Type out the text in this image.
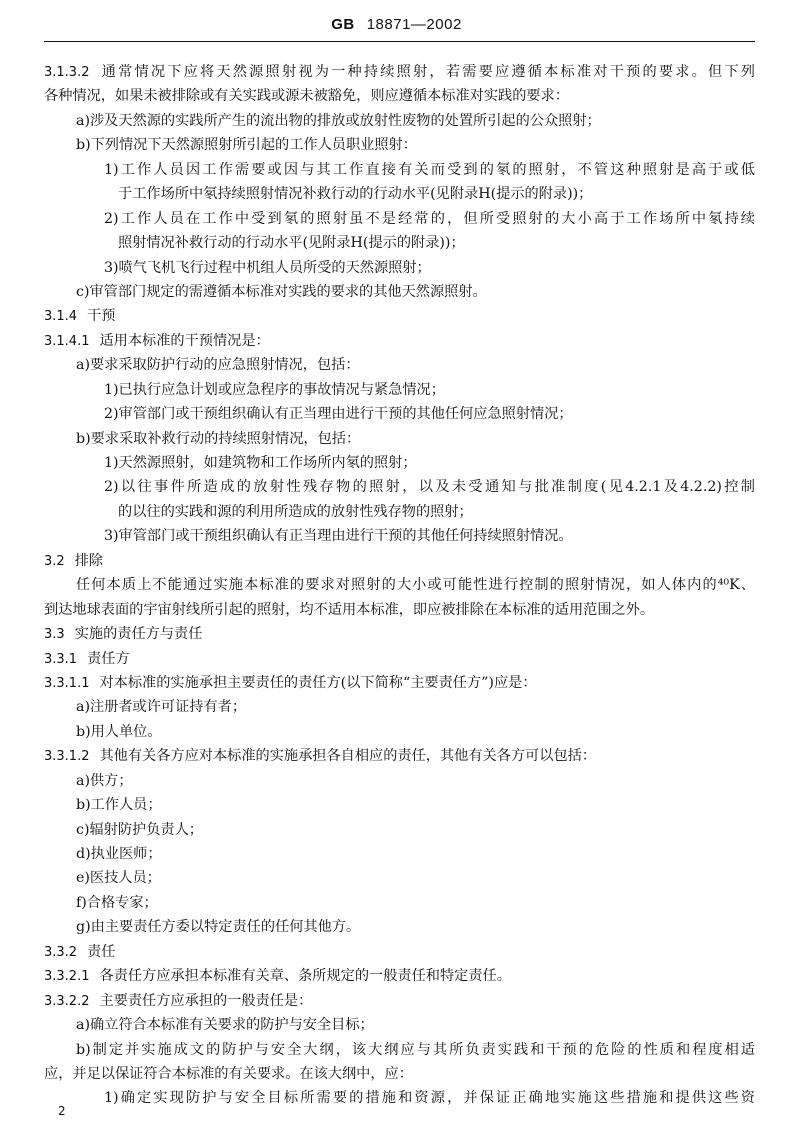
GB 18871—2002
3.1.3.2 通常情况下应将天然源照射视为一种持续照射，若需要应遵循本标准对干预的要求。但下列
各种情况，如果未被排除或有关实践或源未被豁免，则应遵循本标准对实践的要求：
a)涉及天然源的实践所产生的流出物的排放或放射性废物的处置所引起的公众照射；
b)下列情况下天然源照射所引起的工作人员职业照射：
1)工作人员因工作需要或因与其工作直接有关而受到的氡的照射，不管这种照射是高于或低
于工作场所中氡持续照射情况补救行动的行动水平(见附录H(提示的附录))；
2)工作人员在工作中受到氡的照射虽不是经常的，但所受照射的大小高于工作场所中氡持续
照射情况补救行动的行动水平(见附录H(提示的附录))；
3)喷气飞机飞行过程中机组人员所受的天然源照射；
c)审管部门规定的需遵循本标准对实践的要求的其他天然源照射。
3.1.4 干预
3.1.4.1 适用本标准的干预情况是：
a)要求采取防护行动的应急照射情况，包括：
1)已执行应急计划或应急程序的事故情况与紧急情况；
2)审管部门或干预组织确认有正当理由进行干预的其他任何应急照射情况；
b)要求采取补救行动的持续照射情况，包括：
1)天然源照射，如建筑物和工作场所内氡的照射；
2)以往事件所造成的放射性残存物的照射，以及未受通知与批准制度(见4.2.1及4.2.2)控制
的以往的实践和源的利用所造成的放射性残存物的照射；
3)审管部门或干预组织确认有正当理由进行干预的其他任何持续照射情况。
3.2 排除
任何本质上不能通过实施本标准的要求对照射的大小或可能性进行控制的照射情况，如人体内的⁴⁰K、
到达地球表面的宇宙射线所引起的照射，均不适用本标准，即应被排除在本标准的适用范围之外。
3.3 实施的责任方与责任
3.3.1 责任方
3.3.1.1 对本标准的实施承担主要责任的责任方(以下简称“主要责任方”)应是：
a)注册者或许可证持有者；
b)用人单位。
3.3.1.2 其他有关各方应对本标准的实施承担各自相应的责任，其他有关各方可以包括：
a)供方；
b)工作人员；
c)辐射防护负责人；
d)执业医师；
e)医技人员；
f)合格专家；
g)由主要责任方委以特定责任的任何其他方。
3.3.2 责任
3.3.2.1 各责任方应承担本标准有关章、条所规定的一般责任和特定责任。
3.3.2.2 主要责任方应承担的一般责任是：
a)确立符合本标准有关要求的防护与安全目标；
b)制定并实施成文的防护与安全大纲，该大纲应与其所负责实践和干预的危险的性质和程度相适
应，并足以保证符合本标准的有关要求。在该大纲中，应：
1)确定实现防护与安全目标所需要的措施和资源，并保证正确地实施这些措施和提供这些资
2
